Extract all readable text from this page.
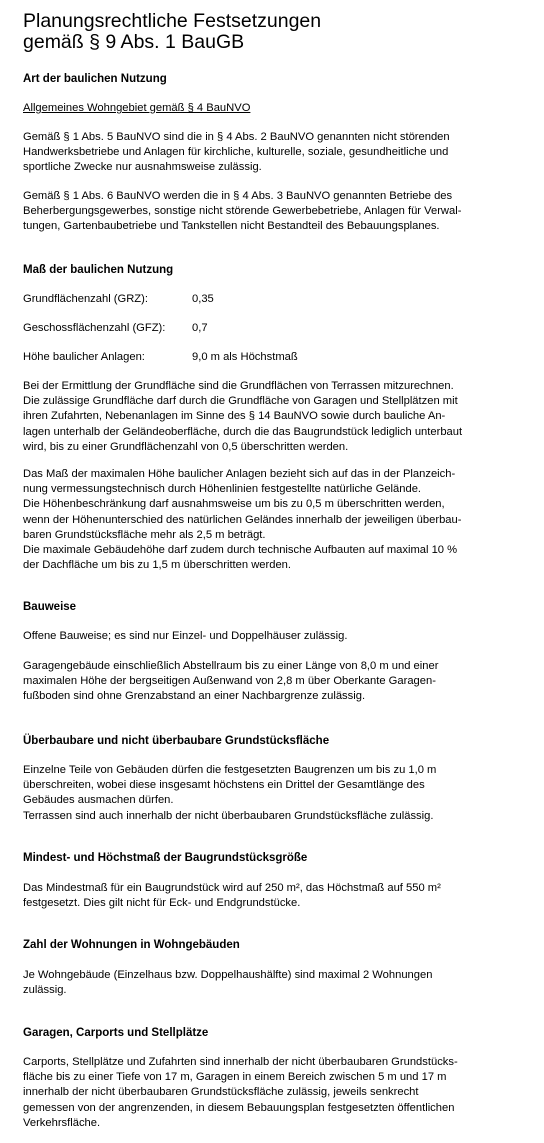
Planungsrechtliche Festsetzungen
gemäß § 9 Abs. 1 BauGB
Art der baulichen Nutzung

Allgemeines Wohngebiet gemäß § 4 BauNVO

Gemäß § 1 Abs. 5 BauNVO sind die in § 4 Abs. 2 BauNVO genannten nicht störenden
Handwerksbetriebe und Anlagen für kirchliche, kulturelle, soziale, gesundheitliche und
sportliche Zwecke nur ausnahmsweise zulässig.

Gemäß § 1 Abs. 6 BauNVO werden die in § 4 Abs. 3 BauNVO genannten Betriebe des
Beherbergungsgewerbes, sonstige nicht störende Gewerbebetriebe, Anlagen für Verwal-
tungen, Gartenbaubetriebe und Tankstellen nicht Bestandteil des Bebauungsplanes.

Maß der baulichen Nutzung
Grundflächenzahl (GRZ):	0,35
Geschossflächenzahl (GFZ): 0,7
Höhe baulicher Anlagen:	9,0 m als Höchstmaß

Bei der Ermittlung der Grundfläche sind die Grundflächen von Terrassen mitzurechnen.
Die zulässige Grundfläche darf durch die Grundfläche von Garagen und Stellplätzen mit
ihren Zufahrten, Nebenanlagen im Sinne des § 14 BauNVO sowie durch bauliche An-
lagen unterhalb der Geländeoberfläche, durch die das Baugrundstück lediglich unterbaut
wird, bis zu einer Grundflächenzahl von 0,5 überschritten werden.

Das Maß der maximalen Höhe baulicher Anlagen bezieht sich auf das in der Planzeich-
nung vermessungstechnisch durch Höhenlinien festgestellte natürliche Gelände.
Die Höhenbeschränkung darf ausnahmsweise um bis zu 0,5 m überschritten werden,
wenn der Höhenunterschied des natürlichen Geländes innerhalb der jeweiligen überbau-
baren Grundstücksfläche mehr als 2,5 m beträgt.
Die maximale Gebäudehöhe darf zudem durch technische Aufbauten auf maximal 10 %
der Dachfläche um bis zu 1,5 m überschritten werden.

Bauweise

Offene Bauweise; es sind nur Einzel- und Doppelhäuser zulässig.

Garagengebäude einschließlich Abstellraum bis zu einer Länge von 8,0 m und einer
maximalen Höhe der bergseitigen Außenwand von 2,8 m über Oberkante Garagen-
fußboden sind ohne Grenzabstand an einer Nachbargrenze zulässig.

Überbaubare und nicht überbaubare Grundstücksfläche

Einzelne Teile von Gebäuden dürfen die festgesetzten Baugrenzen um bis zu 1,0 m
überschreiten, wobei diese insgesamt höchstens ein Drittel der Gesamtlänge des
Gebäudes ausmachen dürfen.
Terrassen sind auch innerhalb der nicht überbaubaren Grundstücksfläche zulässig.

Mindest- und Höchstmaß der Baugrundstücksgröße

Das Mindestmaß für ein Baugrundstück wird auf 250 m², das Höchstmaß auf 550 m²
festgesetzt. Dies gilt nicht für Eck- und Endgrundstücke.

Zahl der Wohnungen in Wohngebäuden

Je Wohngebäude (Einzelhaus bzw. Doppelhaushälfte) sind maximal 2 Wohnungen
zulässig.

Garagen, Carports und Stellplätze

Carports, Stellplätze und Zufahrten sind innerhalb der nicht überbaubaren Grundstücks-
fläche bis zu einer Tiefe von 17 m, Garagen in einem Bereich zwischen 5 m und 17 m
innerhalb der nicht überbaubaren Grundstücksfläche zulässig, jeweils senkrecht
gemessen von der angrenzenden, in diesem Bebauungsplan festgesetzten öffentlichen
Verkehrsfläche.
